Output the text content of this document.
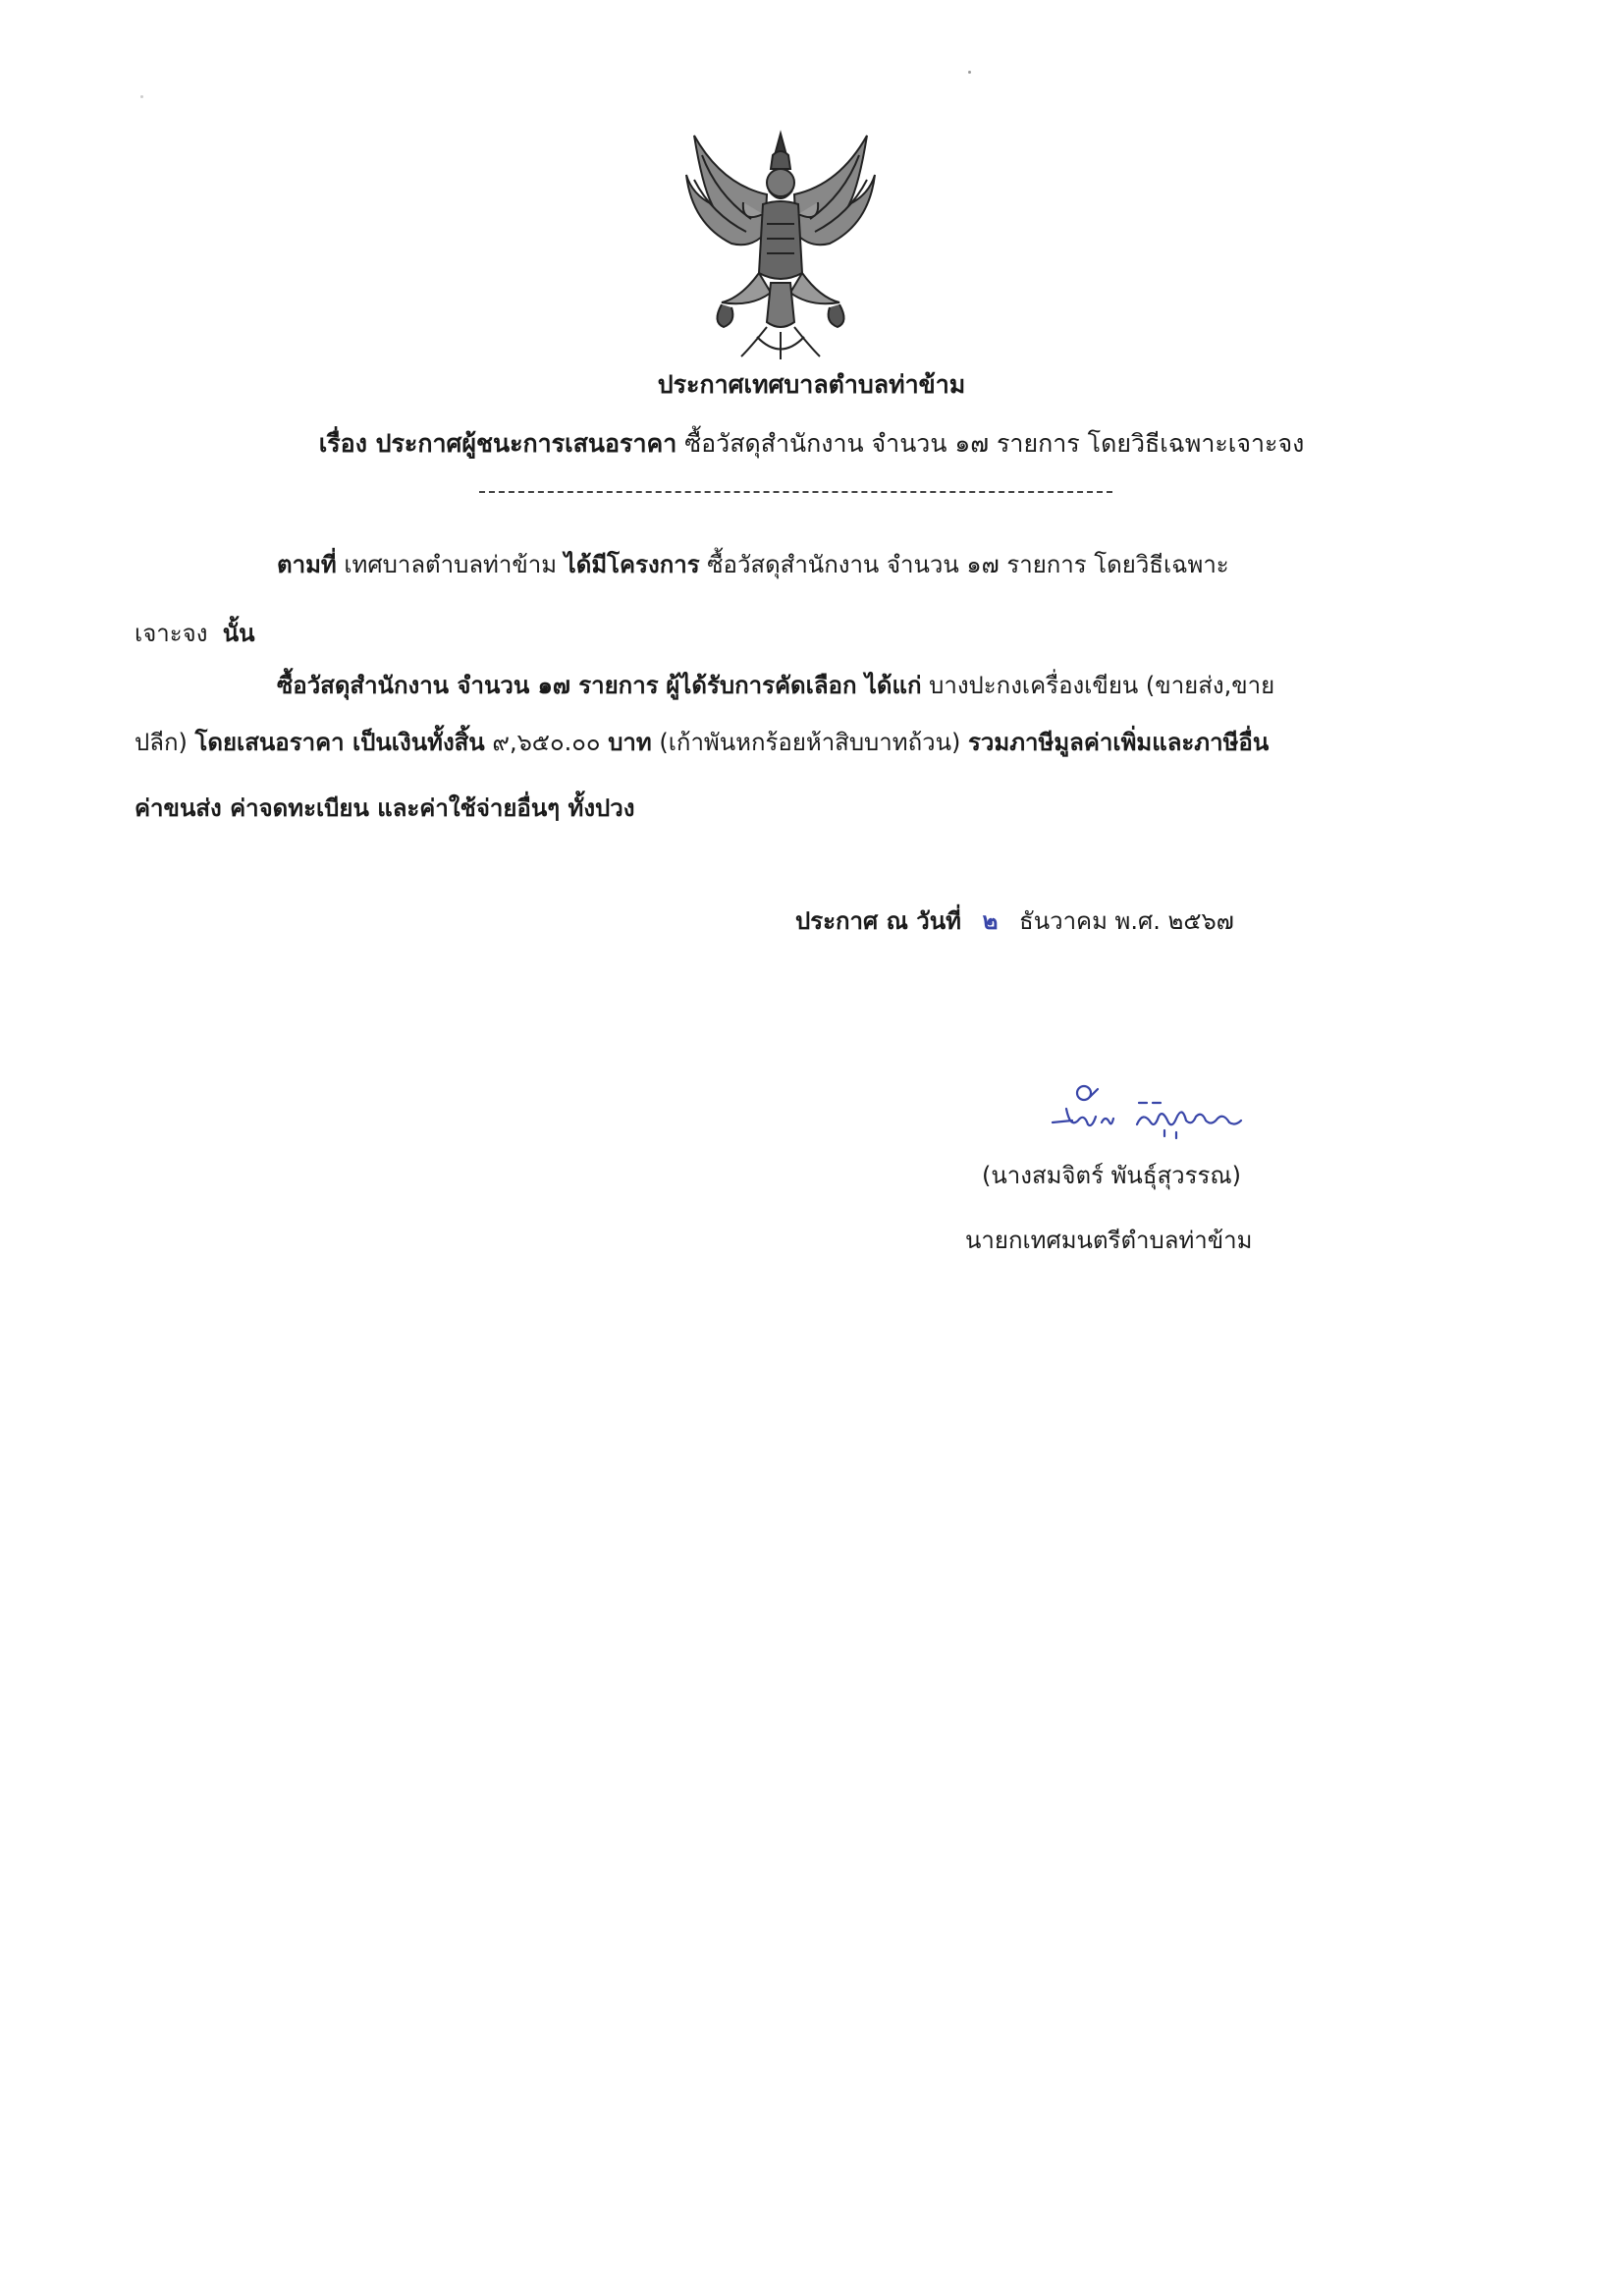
ประกาศเทศบาลตำบลท่าข้าม
เรื่อง ประกาศผู้ชนะการเสนอราคา ซื้อวัสดุสำนักงาน จำนวน ๑๗ รายการ โดยวิธีเฉพาะเจาะจง
ตามที่ เทศบาลตำบลท่าข้าม ได้มีโครงการ ซื้อวัสดุสำนักงาน จำนวน ๑๗ รายการ โดยวิธีเฉพาะ
เจาะจง นั้น
ซื้อวัสดุสำนักงาน จำนวน ๑๗ รายการ ผู้ได้รับการคัดเลือก ได้แก่ บางปะกงเครื่องเขียน (ขายส่ง,ขาย
ปลีก) โดยเสนอราคา เป็นเงินทั้งสิ้น ๙,๖๕๐.๐๐ บาท (เก้าพันหกร้อยห้าสิบบาทถ้วน) รวมภาษีมูลค่าเพิ่มและภาษีอื่น
ค่าขนส่ง ค่าจดทะเบียน และค่าใช้จ่ายอื่นๆ ทั้งปวง
ประกาศ ณ วันที่ ๒ ธันวาคม พ.ศ. ๒๕๖๗
(นางสมจิตร์ พันธุ์สุวรรณ)
นายกเทศมนตรีตำบลท่าข้าม
